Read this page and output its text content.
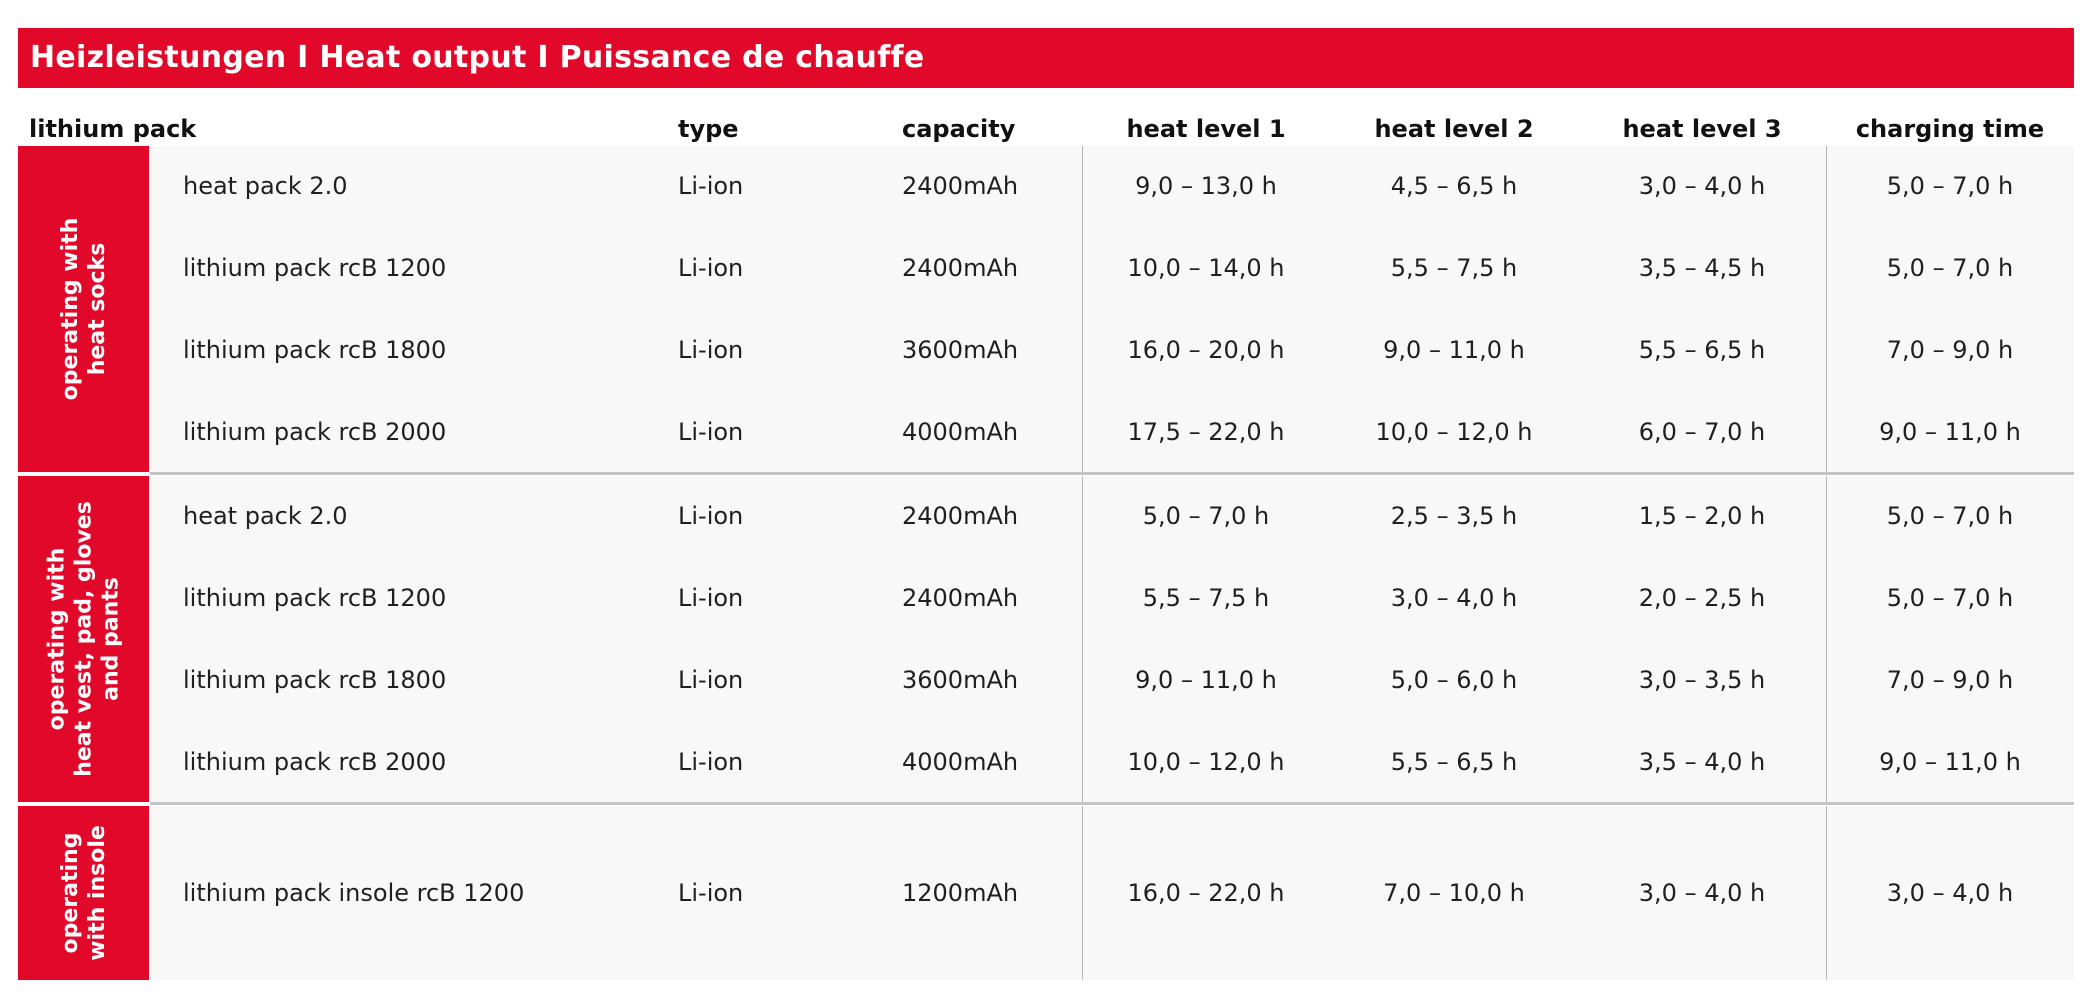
Heizleistungen I Heat output I Puissance de chauffe
lithium pack	type	capacity	heat level 1	heat level 2	heat level 3	charging time
operating with
heat socks
heat pack 2.0	Li-ion	2400mAh	9,0 – 13,0 h	4,5 – 6,5 h	3,0 – 4,0 h	5,0 – 7,0 h
lithium pack rcB 1200	Li-ion	2400mAh	10,0 – 14,0 h	5,5 – 7,5 h	3,5 – 4,5 h	5,0 – 7,0 h
lithium pack rcB 1800	Li-ion	3600mAh	16,0 – 20,0 h	9,0 – 11,0 h	5,5 – 6,5 h	7,0 – 9,0 h
lithium pack rcB 2000	Li-ion	4000mAh	17,5 – 22,0 h	10,0 – 12,0 h	6,0 – 7,0 h	9,0 – 11,0 h
operating with
heat vest, pad, gloves
and pants
heat pack 2.0	Li-ion	2400mAh	5,0 – 7,0 h	2,5 – 3,5 h	1,5 – 2,0 h	5,0 – 7,0 h
lithium pack rcB 1200	Li-ion	2400mAh	5,5 – 7,5 h	3,0 – 4,0 h	2,0 – 2,5 h	5,0 – 7,0 h
lithium pack rcB 1800	Li-ion	3600mAh	9,0 – 11,0 h	5,0 – 6,0 h	3,0 – 3,5 h	7,0 – 9,0 h
lithium pack rcB 2000	Li-ion	4000mAh	10,0 – 12,0 h	5,5 – 6,5 h	3,5 – 4,0 h	9,0 – 11,0 h
operating
with insole	lithium pack insole rcB 1200	Li-ion	1200mAh	16,0 – 22,0 h	7,0 – 10,0 h	3,0 – 4,0 h	3,0 – 4,0 h
